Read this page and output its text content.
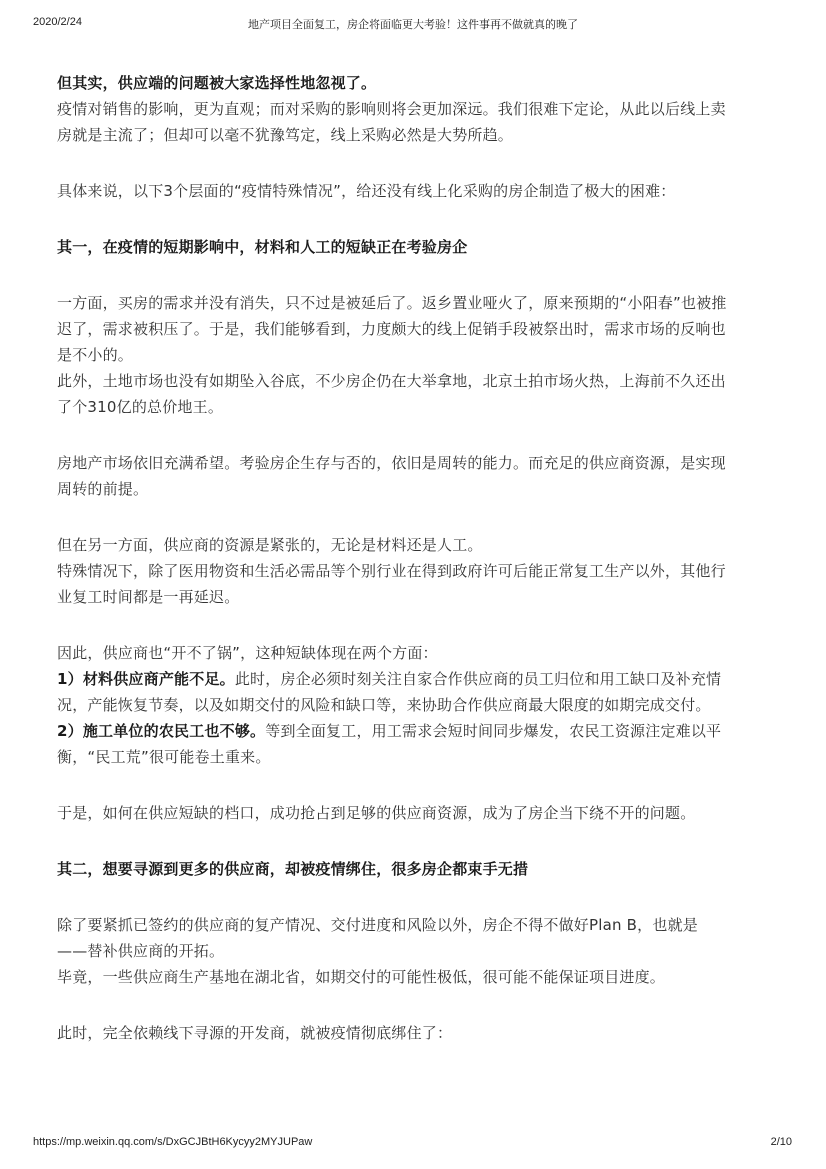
2020/2/24	地产项目全面复工，房企将面临更大考验！这件事再不做就真的晚了

但其实，供应端的问题被大家选择性地忽视了。

疫情对销售的影响，更为直观；而对采购的影响则将会更加深远。我们很难下定论，从此以后线上卖

房就是主流了；但却可以毫不犹豫笃定，线上采购必然是大势所趋。

具体来说，以下3个层面的“疫情特殊情况”，给还没有线上化采购的房企制造了极大的困难：

其一，在疫情的短期影响中，材料和人工的短缺正在考验房企

一方面，买房的需求并没有消失，只不过是被延后了。返乡置业哑火了，原来预期的“小阳春”也被推

迟了，需求被积压了。于是，我们能够看到，力度颇大的线上促销手段被祭出时，需求市场的反响也

是不小的。

此外，土地市场也没有如期坠入谷底，不少房企仍在大举拿地，北京土拍市场火热，上海前不久还出

了个310亿的总价地王。

房地产市场依旧充满希望。考验房企生存与否的，依旧是周转的能力。而充足的供应商资源，是实现

周转的前提。

但在另一方面，供应商的资源是紧张的，无论是材料还是人工。

特殊情况下，除了医用物资和生活必需品等个别行业在得到政府许可后能正常复工生产以外，其他行

业复工时间都是一再延迟。

因此，供应商也“开不了锅”，这种短缺体现在两个方面：

1）材料供应商产能不足。此时，房企必须时刻关注自家合作供应商的员工归位和用工缺口及补充情

况，产能恢复节奏，以及如期交付的风险和缺口等，来协助合作供应商最大限度的如期完成交付。

2）施工单位的农民工也不够。等到全面复工，用工需求会短时间同步爆发，农民工资源注定难以平

衡，“民工荒”很可能卷土重来。

于是，如何在供应短缺的档口，成功抢占到足够的供应商资源，成为了房企当下绕不开的问题。

其二，想要寻源到更多的供应商，却被疫情绑住，很多房企都束手无措

除了要紧抓已签约的供应商的复产情况、交付进度和风险以外，房企不得不做好Plan B，也就是

——替补供应商的开拓。

毕竟，一些供应商生产基地在湖北省，如期交付的可能性极低，很可能不能保证项目进度。

此时，完全依赖线下寻源的开发商，就被疫情彻底绑住了：

https://mp.weixin.qq.com/s/DxGCJBtH6Kycyy2MYJUPaw	2/10
